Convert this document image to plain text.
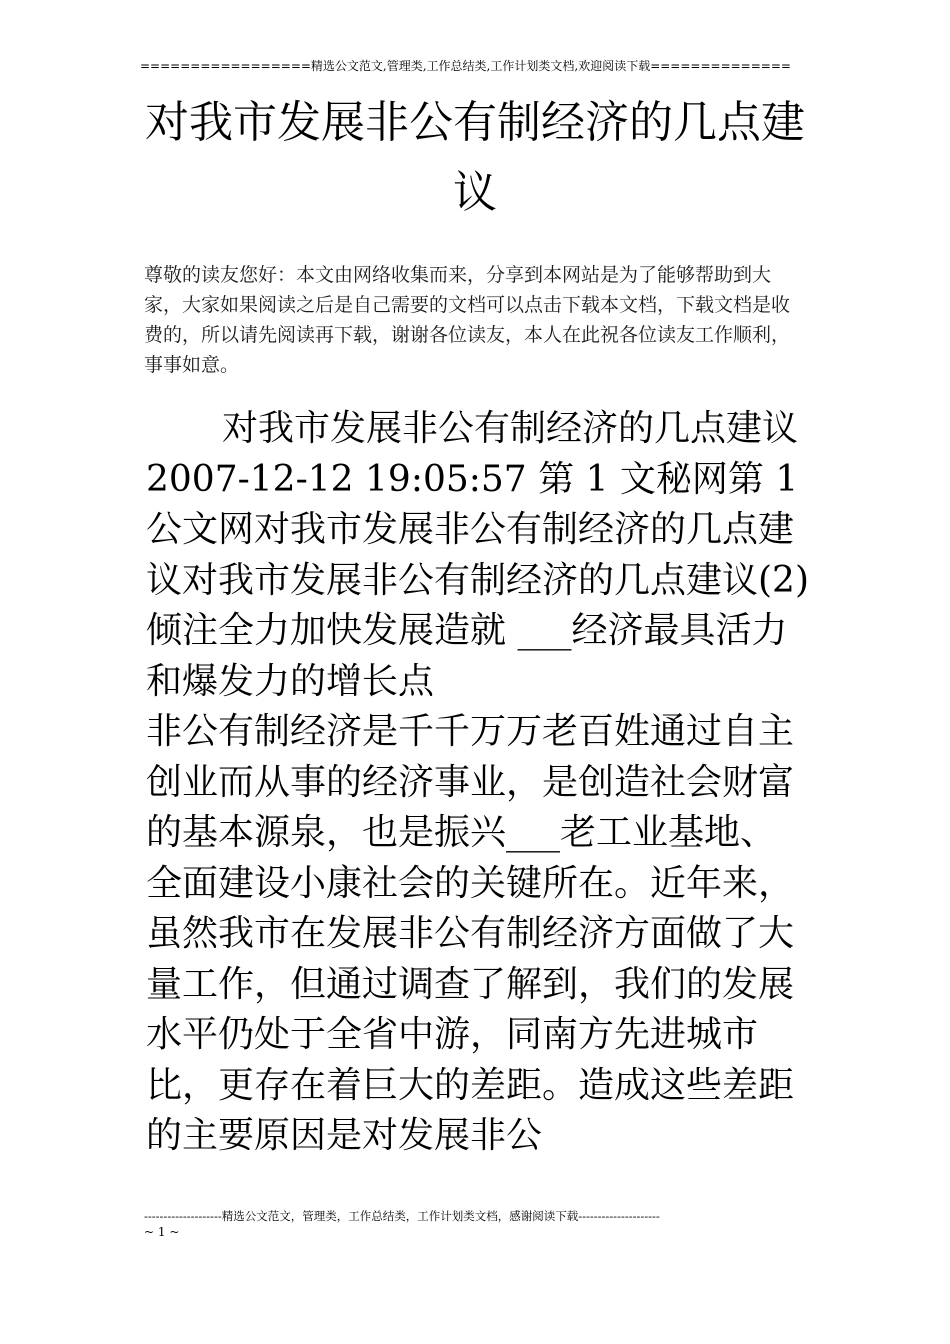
=================精选公文范文,管理类,工作总结类,工作计划类文档,欢迎阅读下载==============
对我市发展非公有制经济的几点建议

尊敬的读友您好：本文由网络收集而来，分享到本网站是为了能够帮助到大家，大家如果阅读之后是自己需要的文档可以点击下载本文档，下载文档是收费的，所以请先阅读再下载，谢谢各位读友，本人在此祝各位读友工作顺利，事事如意。

对我市发展非公有制经济的几点建议 2007-12-12 19:05:57 第 1 文秘网第 1 公文网对我市发展非公有制经济的几点建议对我市发展非公有制经济的几点建议(2)倾注全力加快发展造就 ___经济最具活力和爆发力的增长点

非公有制经济是千千万万老百姓通过自主创业而从事的经济事业，是创造社会财富的基本源泉，也是振兴___老工业基地、全面建设小康社会的关键所在。近年来，虽然我市在发展非公有制经济方面做了大量工作，但通过调查了解到，我们的发展水平仍处于全省中游，同南方先进城市比，更存在着巨大的差距。造成这些差距的主要原因是对发展非公

--------------------精选公文范文，管理类，工作总结类，工作计划类文档，感谢阅读下载---------------------
~ 1 ~
